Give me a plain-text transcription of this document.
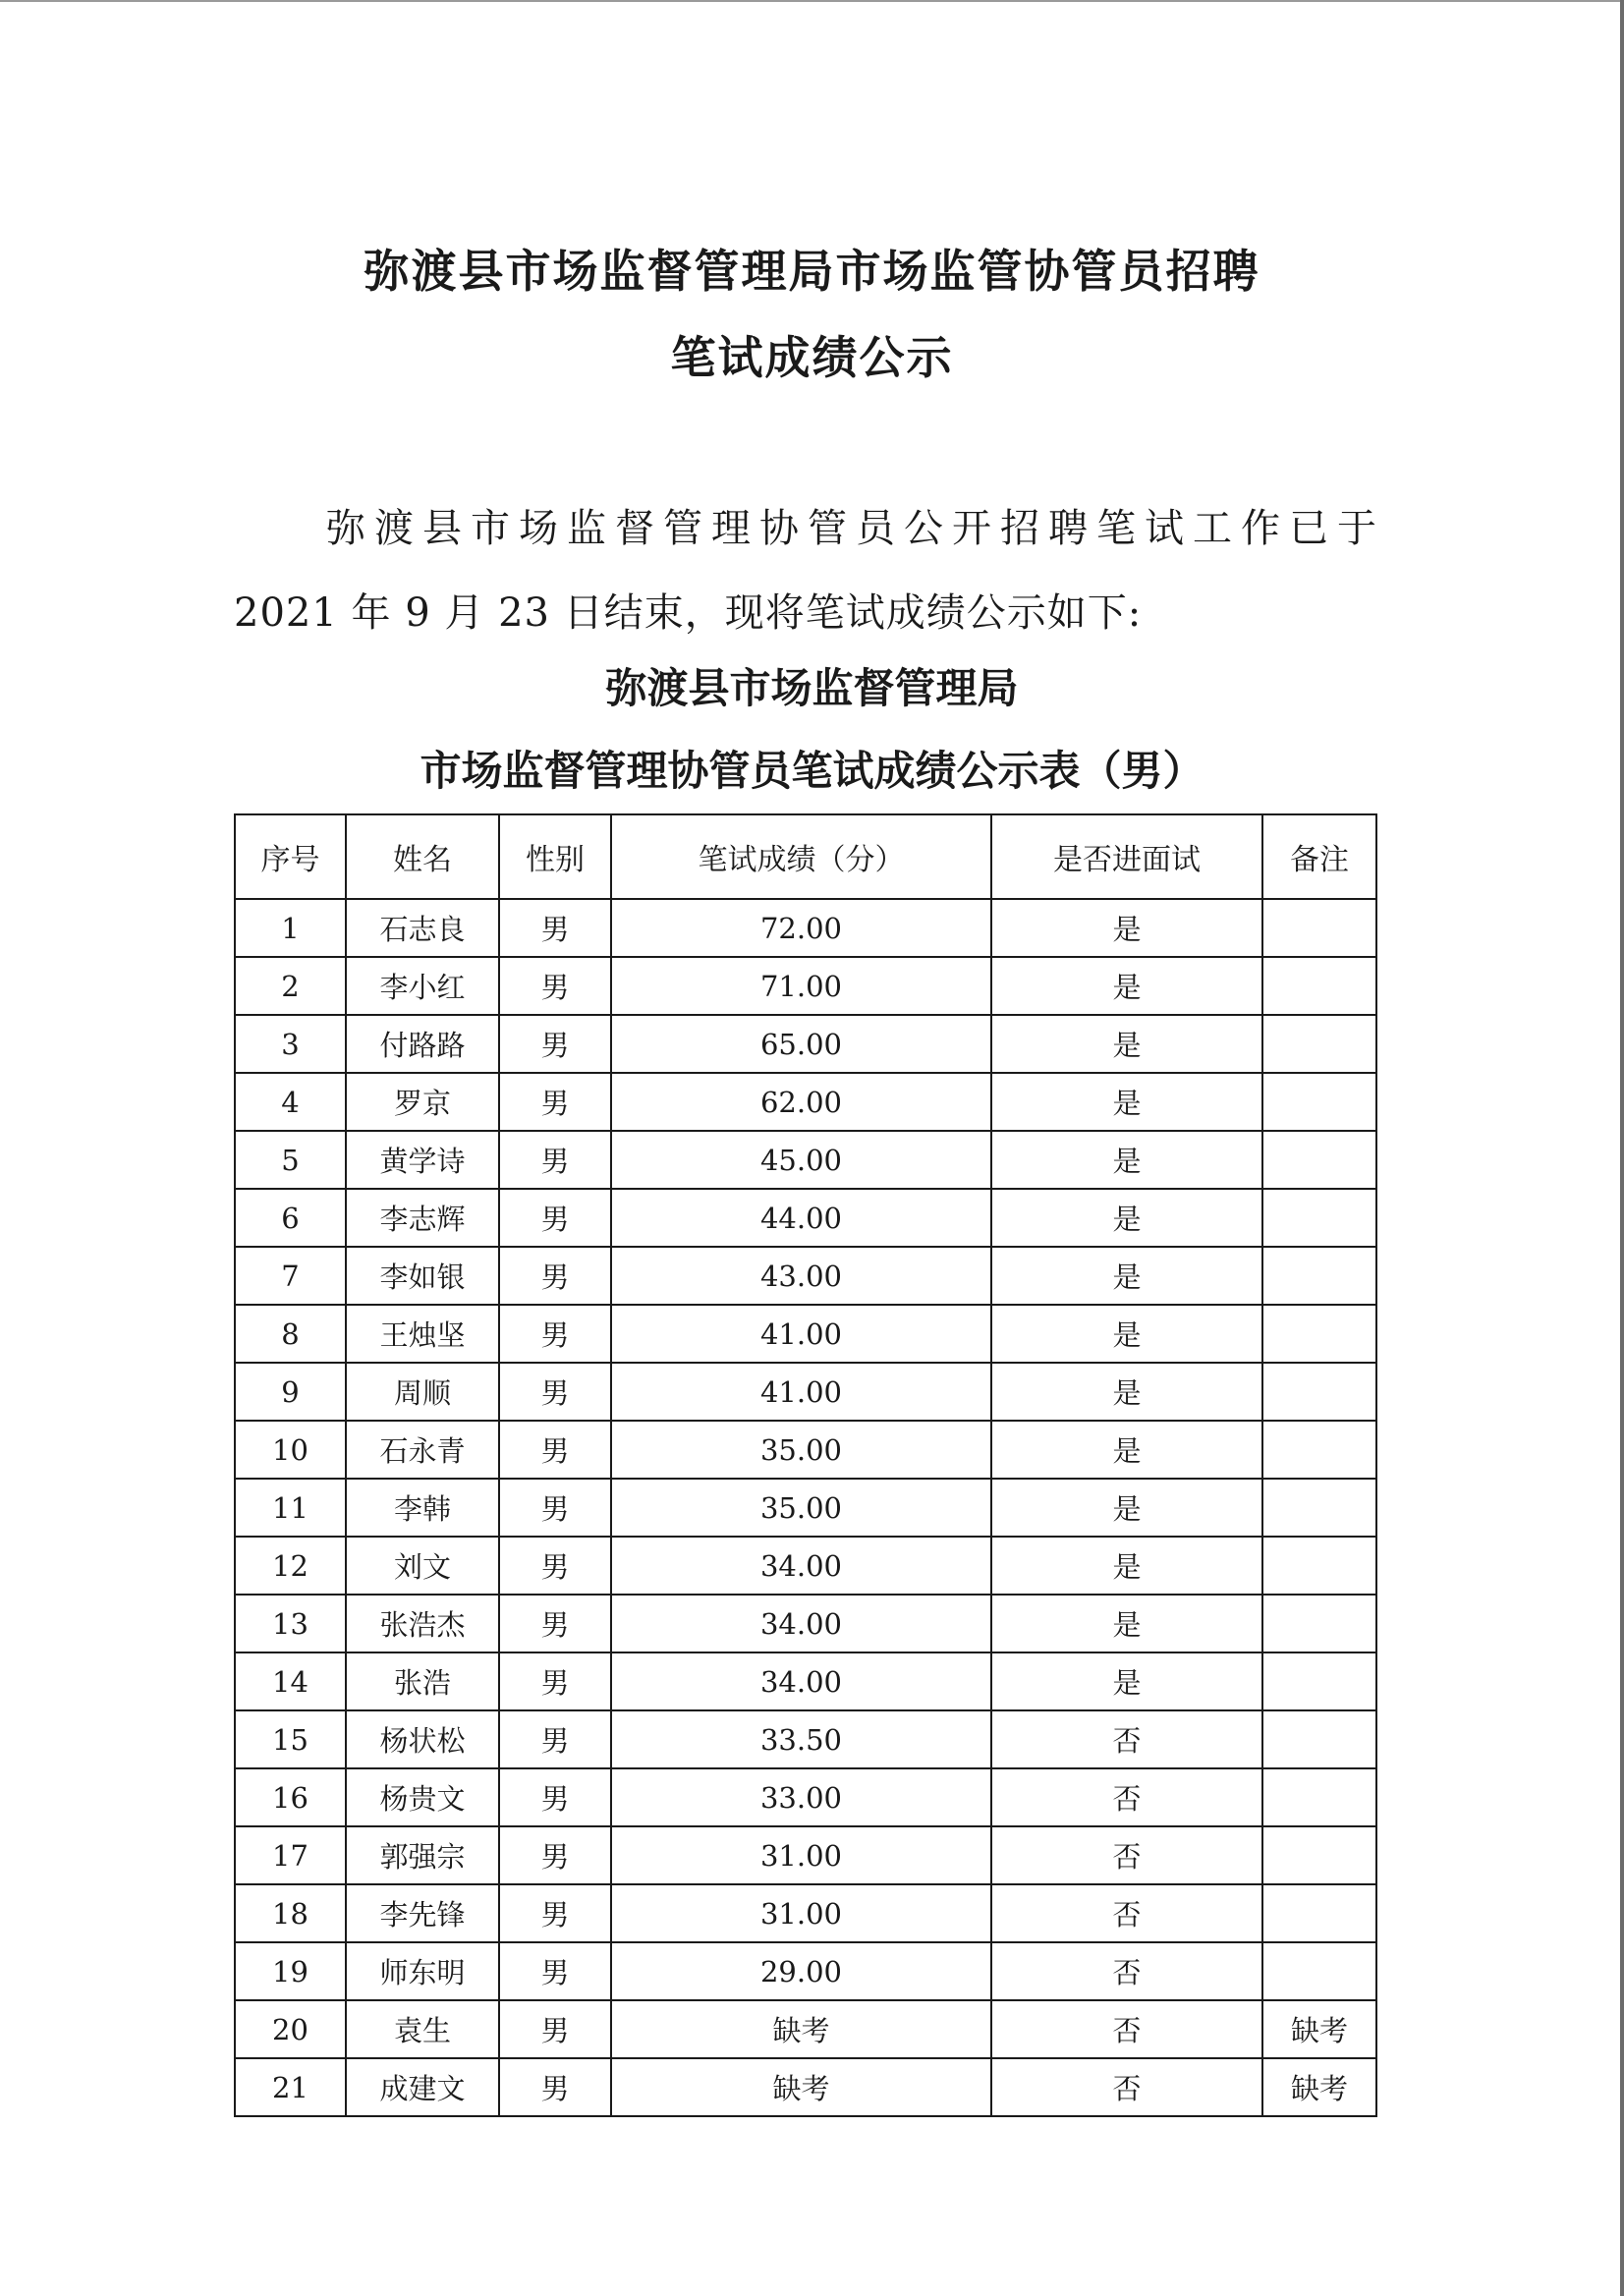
弥渡县市场监督管理局市场监管协管员招聘
笔试成绩公示
弥渡县市场监督管理协管员公开招聘笔试工作已于
2021 年 9 月 23 日结束，现将笔试成绩公示如下:
弥渡县市场监督管理局
市场监督管理协管员笔试成绩公示表（男）
序号	姓名	性别	笔试成绩（分）	是否进面试	备注
1	石志良	男	72.00	是	
2	李小红	男	71.00	是	
3	付路路	男	65.00	是	
4	罗京	男	62.00	是	
5	黄学诗	男	45.00	是	
6	李志辉	男	44.00	是	
7	李如银	男	43.00	是	
8	王烛坚	男	41.00	是	
9	周顺	男	41.00	是	
10	石永青	男	35.00	是	
11	李韩	男	35.00	是	
12	刘文	男	34.00	是	
13	张浩杰	男	34.00	是	
14	张浩	男	34.00	是	
15	杨状松	男	33.50	否	
16	杨贵文	男	33.00	否	
17	郭强宗	男	31.00	否	
18	李先锋	男	31.00	否	
19	师东明	男	29.00	否	
20	袁生	男	缺考	否	缺考
21	成建文	男	缺考	否	缺考
